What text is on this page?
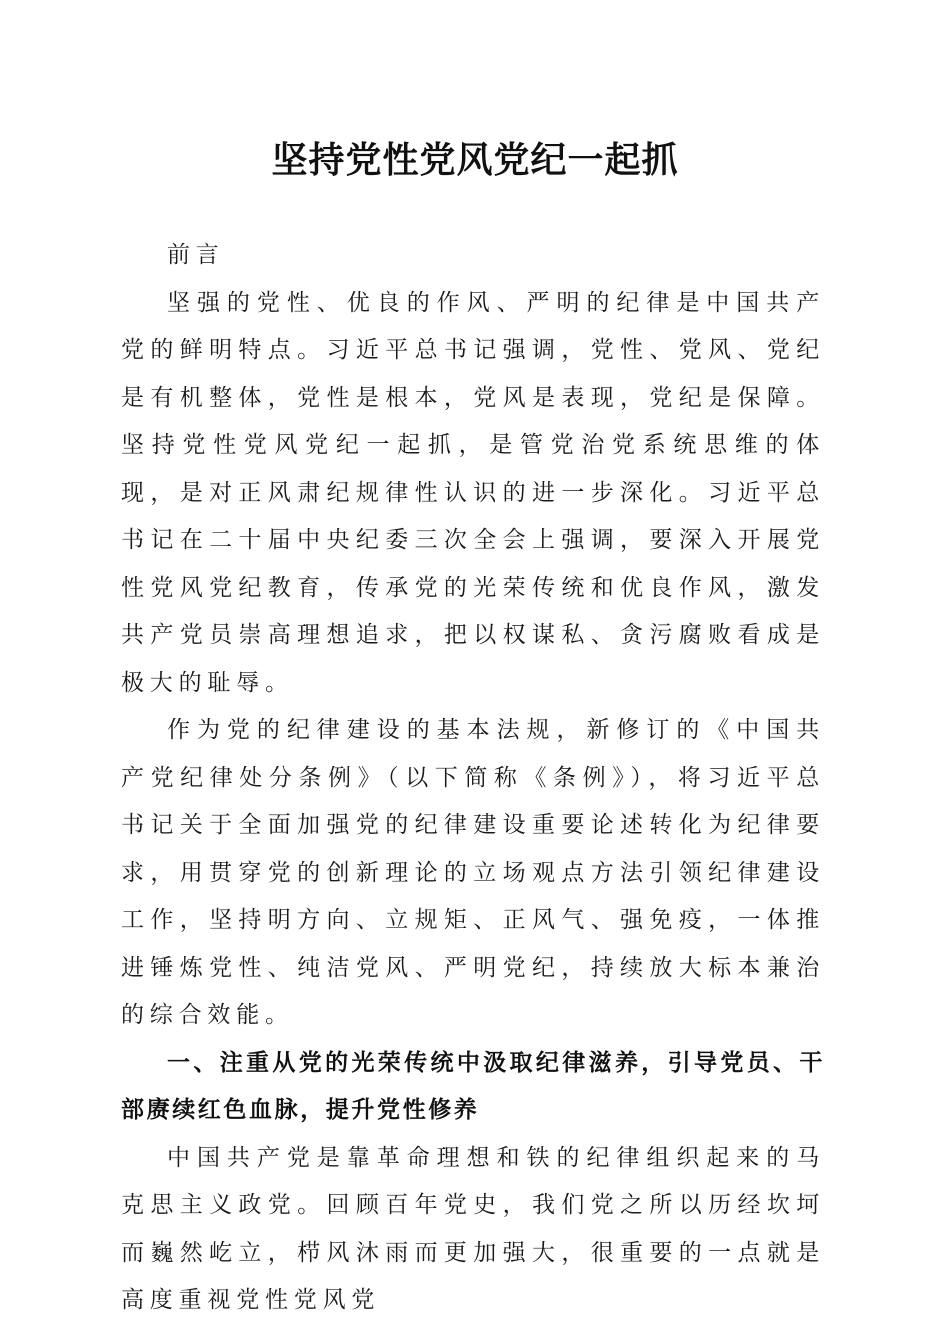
坚持党性党风党纪一起抓

前言

坚强的党性、优良的作风、严明的纪律是中国共产党的鲜明特点。习近平总书记强调，党性、党风、党纪是有机整体，党性是根本，党风是表现，党纪是保障。坚持党性党风党纪一起抓，是管党治党系统思维的体现，是对正风肃纪规律性认识的进一步深化。习近平总书记在二十届中央纪委三次全会上强调，要深入开展党性党风党纪教育，传承党的光荣传统和优良作风，激发共产党员崇高理想追求，把以权谋私、贪污腐败看成是极大的耻辱。

作为党的纪律建设的基本法规，新修订的《中国共产党纪律处分条例》（以下简称《条例》），将习近平总书记关于全面加强党的纪律建设重要论述转化为纪律要求，用贯穿党的创新理论的立场观点方法引领纪律建设工作，坚持明方向、立规矩、正风气、强免疫，一体推进锤炼党性、纯洁党风、严明党纪，持续放大标本兼治的综合效能。

一、注重从党的光荣传统中汲取纪律滋养，引导党员、干部赓续红色血脉，提升党性修养

中国共产党是靠革命理想和铁的纪律组织起来的马克思主义政党。回顾百年党史，我们党之所以历经坎坷而巍然屹立，栉风沐雨而更加强大，很重要的一点就是高度重视党性党风党
